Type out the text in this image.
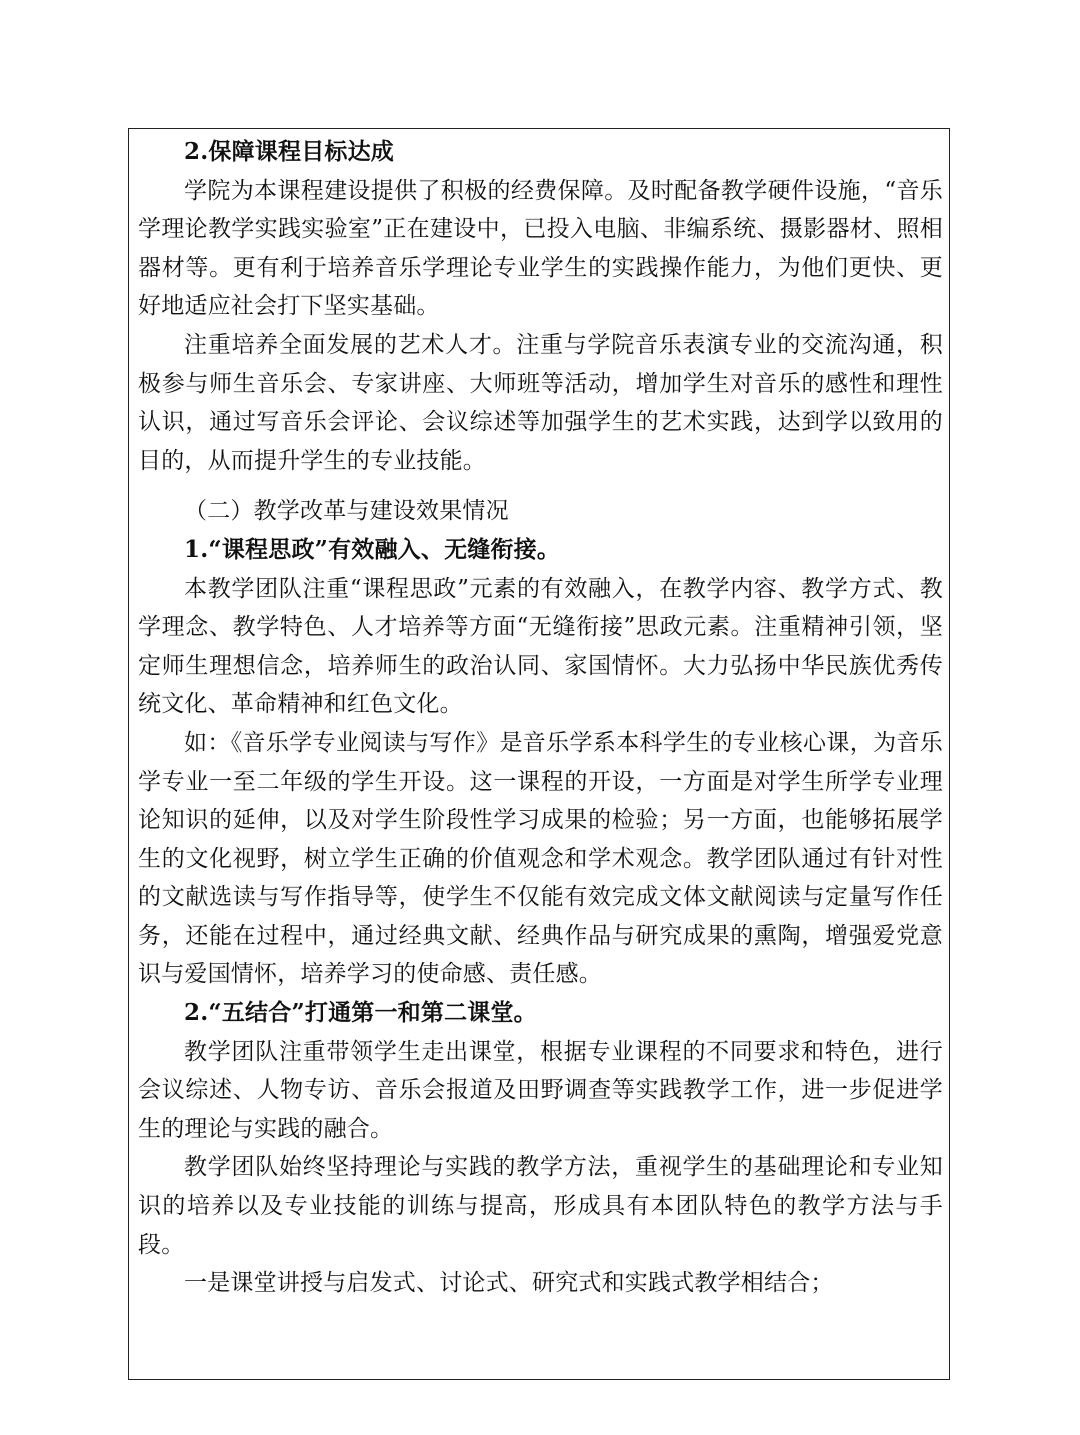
2.保障课程目标达成

学院为本课程建设提供了积极的经费保障。及时配备教学硬件设施，“音乐学理论教学实践实验室”正在建设中，已投入电脑、非编系统、摄影器材、照相器材等。更有利于培养音乐学理论专业学生的实践操作能力，为他们更快、更好地适应社会打下坚实基础。

注重培养全面发展的艺术人才。注重与学院音乐表演专业的交流沟通，积极参与师生音乐会、专家讲座、大师班等活动，增加学生对音乐的感性和理性认识，通过写音乐会评论、会议综述等加强学生的艺术实践，达到学以致用的目的，从而提升学生的专业技能。

（二）教学改革与建设效果情况

1.“课程思政”有效融入、无缝衔接。

本教学团队注重“课程思政”元素的有效融入，在教学内容、教学方式、教学理念、教学特色、人才培养等方面“无缝衔接”思政元素。注重精神引领，坚定师生理想信念，培养师生的政治认同、家国情怀。大力弘扬中华民族优秀传统文化、革命精神和红色文化。

如：《音乐学专业阅读与写作》是音乐学系本科学生的专业核心课，为音乐学专业一至二年级的学生开设。这一课程的开设，一方面是对学生所学专业理论知识的延伸，以及对学生阶段性学习成果的检验；另一方面，也能够拓展学生的文化视野，树立学生正确的价值观念和学术观念。教学团队通过有针对性的文献选读与写作指导等，使学生不仅能有效完成文体文献阅读与定量写作任务，还能在过程中，通过经典文献、经典作品与研究成果的熏陶，增强爱党意识与爱国情怀，培养学习的使命感、责任感。

2.“五结合”打通第一和第二课堂。

教学团队注重带领学生走出课堂，根据专业课程的不同要求和特色，进行会议综述、人物专访、音乐会报道及田野调查等实践教学工作，进一步促进学生的理论与实践的融合。

教学团队始终坚持理论与实践的教学方法，重视学生的基础理论和专业知识的培养以及专业技能的训练与提高，形成具有本团队特色的教学方法与手段。

一是课堂讲授与启发式、讨论式、研究式和实践式教学相结合；
